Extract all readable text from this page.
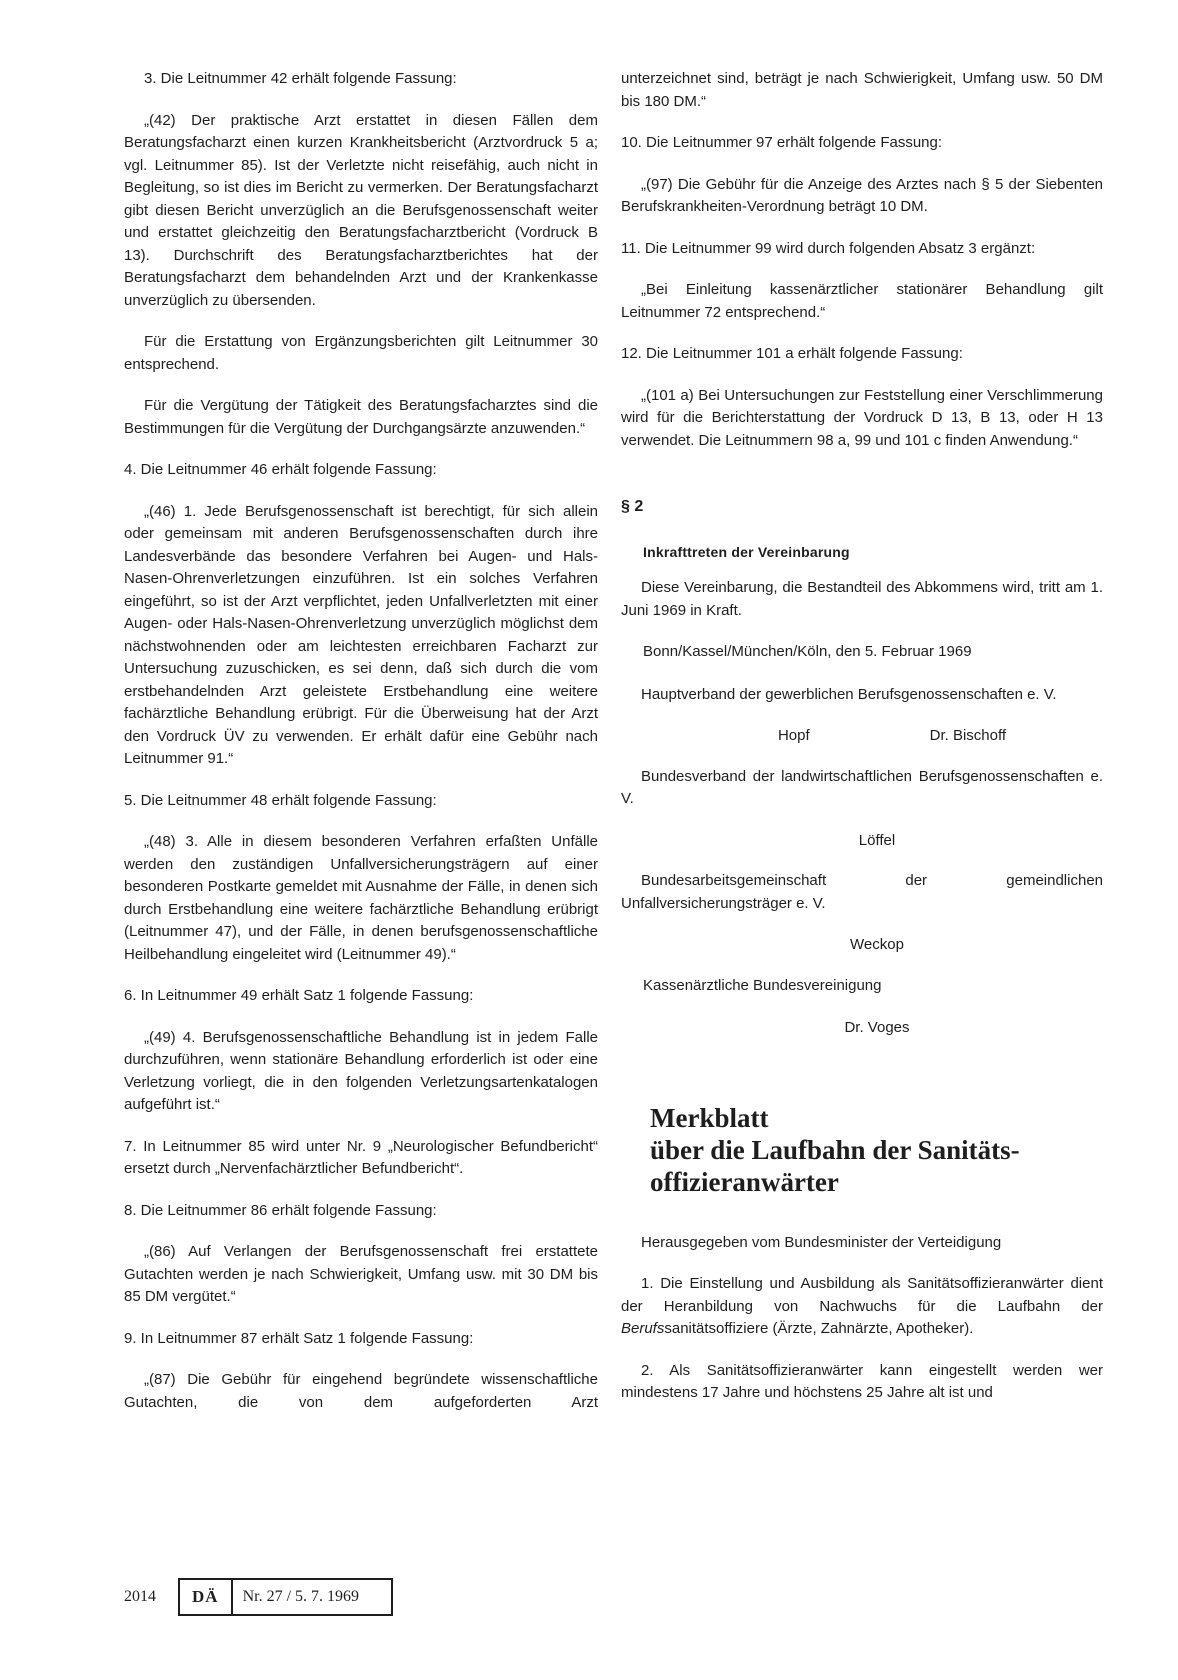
3. Die Leitnummer 42 erhält folgende Fassung:

„(42) Der praktische Arzt erstattet in diesen Fällen dem Beratungsfacharzt einen kurzen Krankheitsbericht (Arztvordruck 5 a; vgl. Leitnummer 85). Ist der Verletzte nicht reisefähig, auch nicht in Begleitung, so ist dies im Bericht zu vermerken. Der Beratungsfacharzt gibt diesen Bericht unverzüglich an die Berufsgenossenschaft weiter und erstattet gleichzeitig den Beratungsfacharztbericht (Vordruck B 13). Durchschrift des Beratungsfacharztberichtes hat der Beratungsfacharzt dem behandelnden Arzt und der Krankenkasse unverzüglich zu übersenden.

Für die Erstattung von Ergänzungsberichten gilt Leitnummer 30 entsprechend.

Für die Vergütung der Tätigkeit des Beratungsfacharztes sind die Bestimmungen für die Vergütung der Durchgangsärzte anzuwenden.“

4. Die Leitnummer 46 erhält folgende Fassung:

„(46) 1. Jede Berufsgenossenschaft ist berechtigt, für sich allein oder gemeinsam mit anderen Berufsgenossenschaften durch ihre Landesverbände das besondere Verfahren bei Augen- und Hals-Nasen-Ohrenverletzungen einzuführen. Ist ein solches Verfahren eingeführt, so ist der Arzt verpflichtet, jeden Unfallverletzten mit einer Augen- oder Hals-Nasen-Ohrenverletzung unverzüglich möglichst dem nächstwohnenden oder am leichtesten erreichbaren Facharzt zur Untersuchung zuzuschicken, es sei denn, daß sich durch die vom erstbehandelnden Arzt geleistete Erstbehandlung eine weitere fachärztliche Behandlung erübrigt. Für die Überweisung hat der Arzt den Vordruck ÜV zu verwenden. Er erhält dafür eine Gebühr nach Leitnummer 91.“

5. Die Leitnummer 48 erhält folgende Fassung:

„(48) 3. Alle in diesem besonderen Verfahren erfaßten Unfälle werden den zuständigen Unfallversicherungsträgern auf einer besonderen Postkarte gemeldet mit Ausnahme der Fälle, in denen sich durch Erstbehandlung eine weitere fachärztliche Behandlung erübrigt (Leitnummer 47), und der Fälle, in denen berufsgenossenschaftliche Heilbehandlung eingeleitet wird (Leitnummer 49).“

6. In Leitnummer 49 erhält Satz 1 folgende Fassung:

„(49) 4. Berufsgenossenschaftliche Behandlung ist in jedem Falle durchzuführen, wenn stationäre Behandlung erforderlich ist oder eine Verletzung vorliegt, die in den folgenden Verletzungsartenkatalogen aufgeführt ist.“

7. In Leitnummer 85 wird unter Nr. 9 „Neurologischer Befundbericht“ ersetzt durch „Nervenfachärztlicher Befundbericht“.

8. Die Leitnummer 86 erhält folgende Fassung:

„(86) Auf Verlangen der Berufsgenossenschaft frei erstattete Gutachten werden je nach Schwierigkeit, Umfang usw. mit 30 DM bis 85 DM vergütet.“

9. In Leitnummer 87 erhält Satz 1 folgende Fassung:

„(87) Die Gebühr für eingehend begründete wissenschaftliche Gutachten, die von dem aufgeforderten Arzt

unterzeichnet sind, beträgt je nach Schwierigkeit, Umfang usw. 50 DM bis 180 DM.“

10. Die Leitnummer 97 erhält folgende Fassung:

„(97) Die Gebühr für die Anzeige des Arztes nach § 5 der Siebenten Berufskrankheiten-Verordnung beträgt 10 DM.

11. Die Leitnummer 99 wird durch folgenden Absatz 3 ergänzt:

„Bei Einleitung kassenärztlicher stationärer Behandlung gilt Leitnummer 72 entsprechend.“

12. Die Leitnummer 101 a erhält folgende Fassung:

„(101 a) Bei Untersuchungen zur Feststellung einer Verschlimmerung wird für die Berichterstattung der Vordruck D 13, B 13, oder H 13 verwendet. Die Leitnummern 98 a, 99 und 101 c finden Anwendung.“

§ 2
Inkrafttreten der Vereinbarung

Diese Vereinbarung, die Bestandteil des Abkommens wird, tritt am 1. Juni 1969 in Kraft.

Bonn/Kassel/München/Köln, den 5. Februar 1969

Hauptverband der gewerblichen Berufsgenossenschaften e. V.

Hopf	Dr. Bischoff

Bundesverband der landwirtschaftlichen Berufsgenossenschaften e. V.

Löffel

Bundesarbeitsgemeinschaft der gemeindlichen Unfallversicherungsträger e. V.

Weckop
Kassenärztliche Bundesvereinigung
Dr. Voges
Merkblatt
über die Laufbahn der Sanitäts-
offizieranwärter

Herausgegeben vom Bundesminister der Verteidigung

1. Die Einstellung und Ausbildung als Sanitätsoffizieranwärter dient der Heranbildung von Nachwuchs für die Laufbahn der Berufssanitätsoffiziere (Ärzte, Zahnärzte, Apotheker).

2. Als Sanitätsoffizieranwärter kann eingestellt werden wer mindestens 17 Jahre und höchstens 25 Jahre alt ist und

2014	DÄ	Nr. 27 / 5. 7. 1969
